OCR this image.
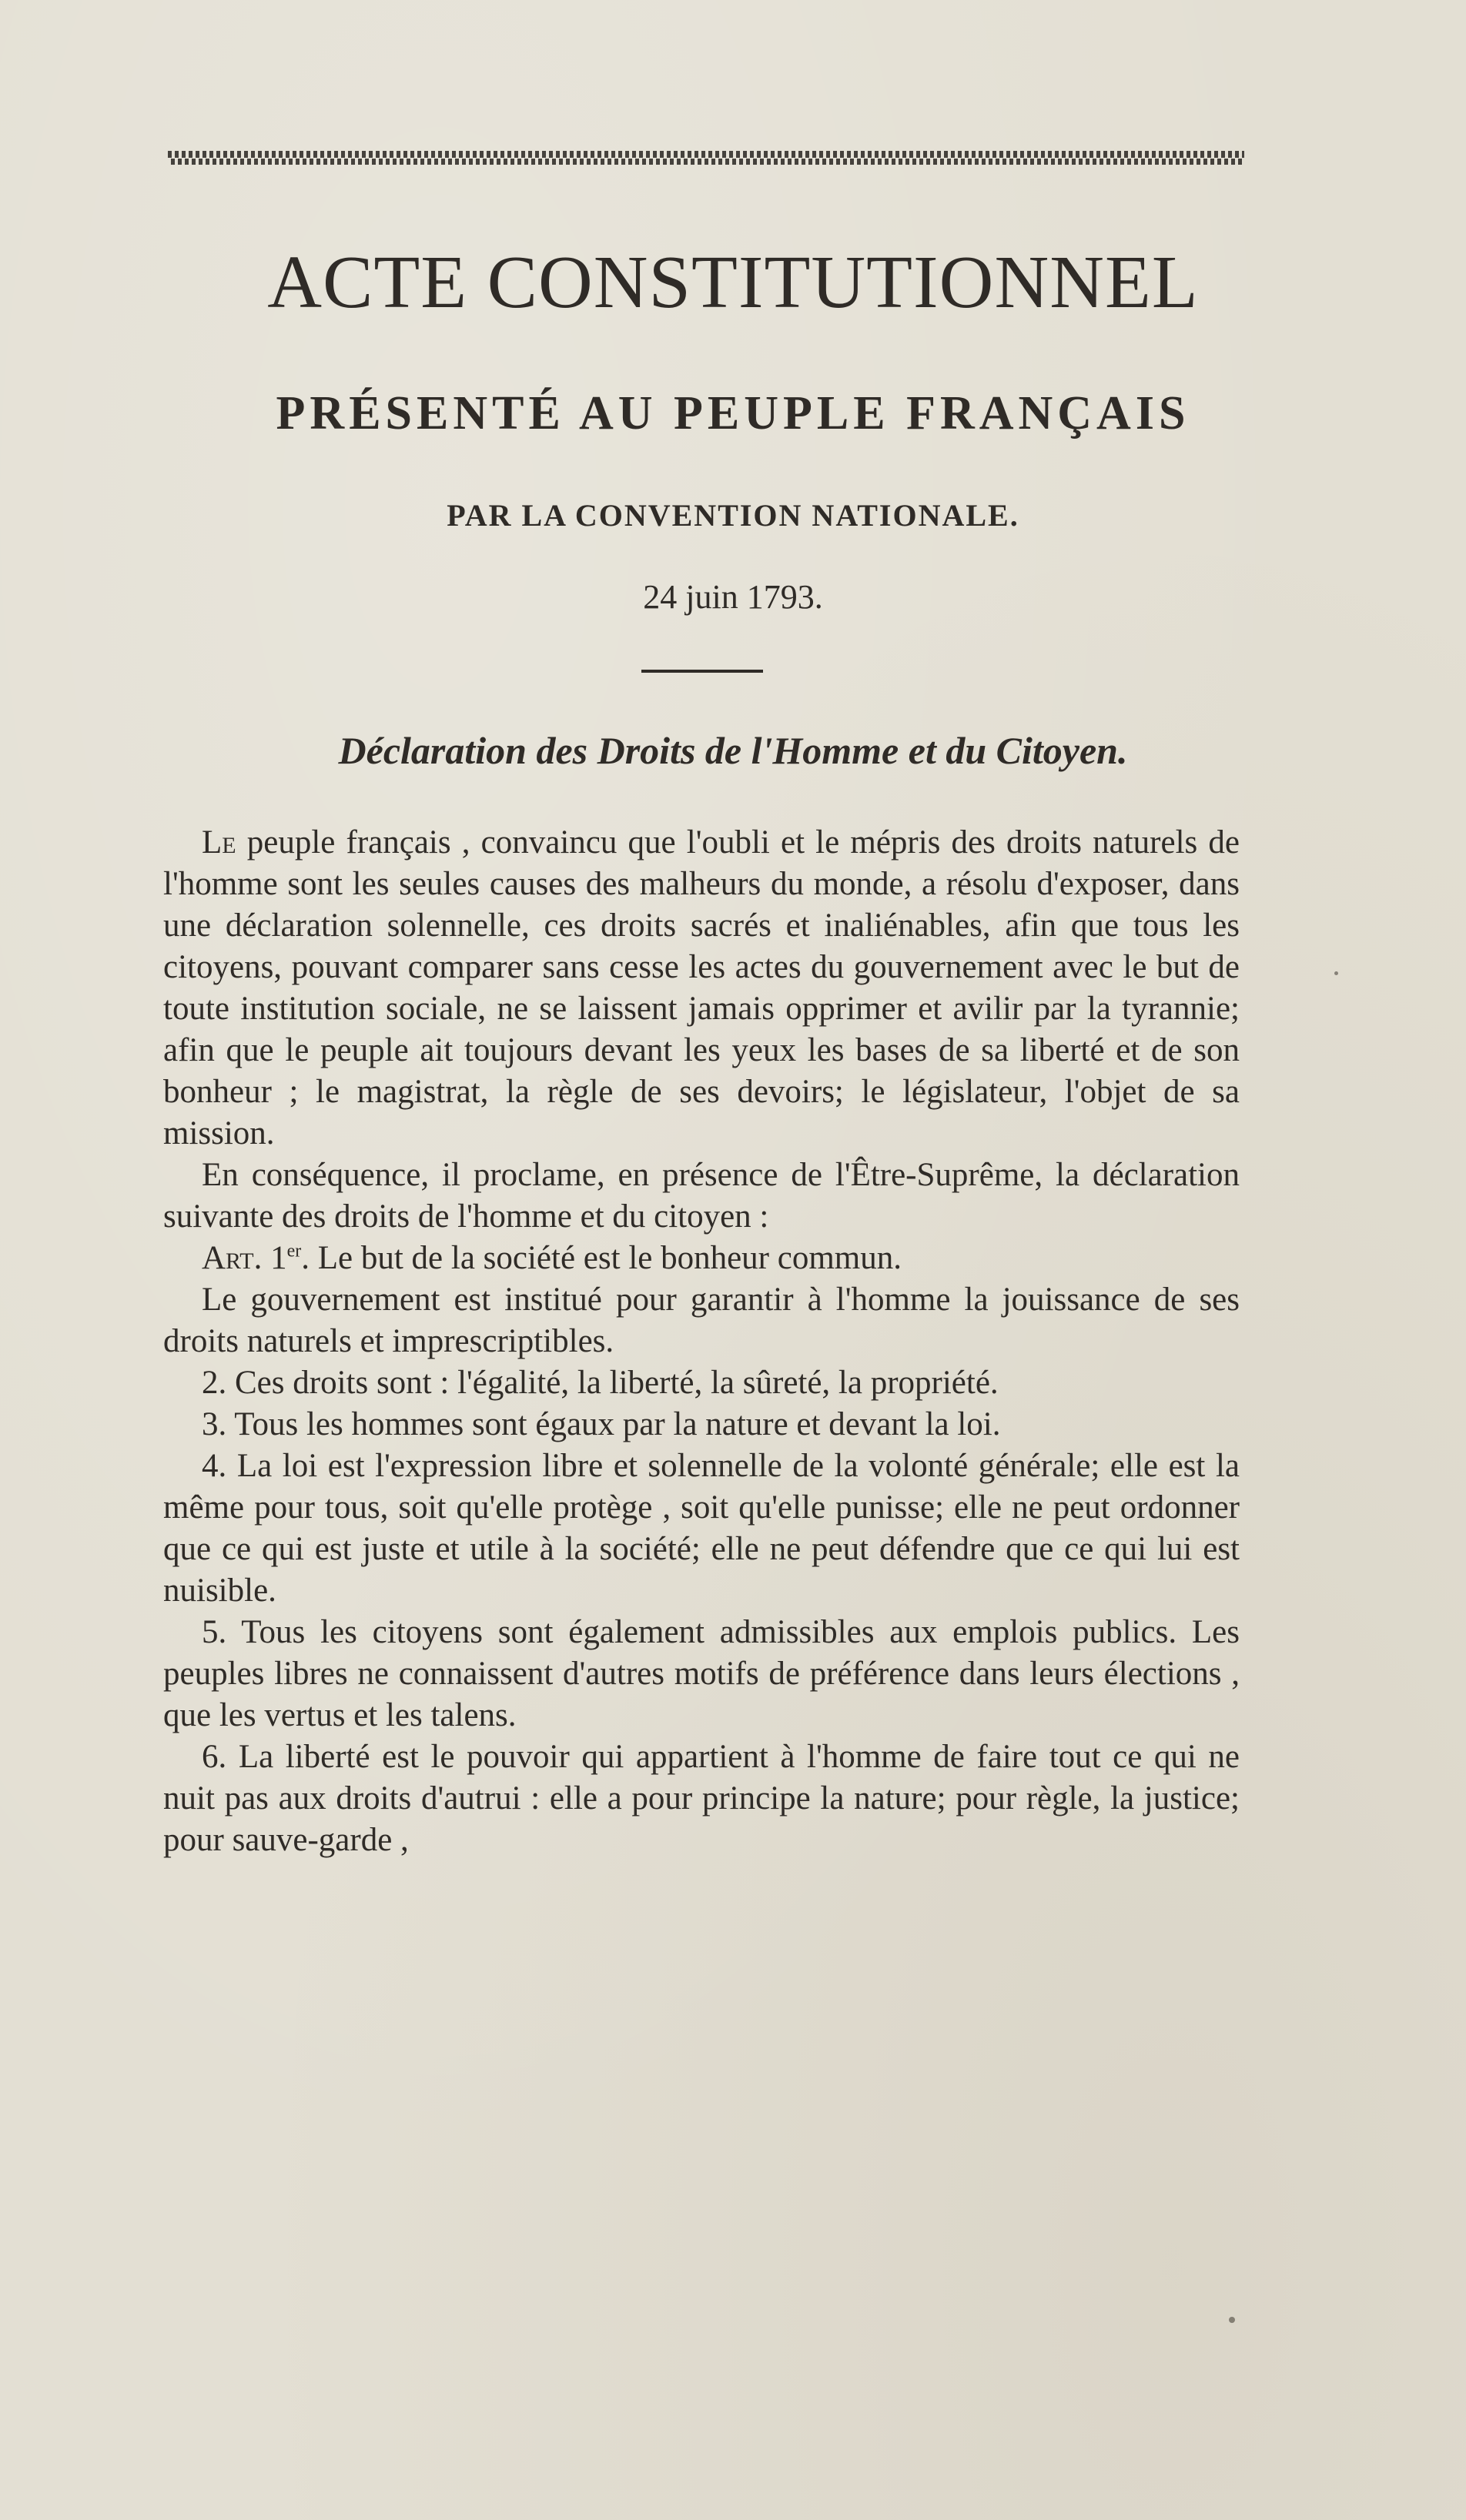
ACTE CONSTITUTIONNEL
PRÉSENTÉ AU PEUPLE FRANÇAIS
PAR LA CONVENTION NATIONALE.
24 juin 1793.
Déclaration des Droits de l'Homme et du Citoyen.

Le peuple français , convaincu que l'oubli et le mépris des droits naturels de l'homme sont les seules causes des malheurs du monde, a résolu d'exposer, dans une déclaration solennelle, ces droits sacrés et inaliénables, afin que tous les citoyens, pouvant comparer sans cesse les actes du gouvernement avec le but de toute institution sociale, ne se laissent jamais opprimer et avilir par la tyrannie; afin que le peuple ait toujours devant les yeux les bases de sa liberté et de son bonheur ; le magistrat, la règle de ses devoirs; le législateur, l'objet de sa mission.

En conséquence, il proclame, en présence de l'Être-Suprême, la déclaration suivante des droits de l'homme et du citoyen :

Art. 1er. Le but de la société est le bonheur commun.

Le gouvernement est institué pour garantir à l'homme la jouissance de ses droits naturels et imprescriptibles.

2. Ces droits sont : l'égalité, la liberté, la sûreté, la propriété.

3. Tous les hommes sont égaux par la nature et devant la loi.

4. La loi est l'expression libre et solennelle de la volonté générale; elle est la même pour tous, soit qu'elle protège , soit qu'elle punisse; elle ne peut ordonner que ce qui est juste et utile à la société; elle ne peut défendre que ce qui lui est nuisible.

5. Tous les citoyens sont également admissibles aux emplois publics. Les peuples libres ne connaissent d'autres motifs de préférence dans leurs élections , que les vertus et les talens.

6. La liberté est le pouvoir qui appartient à l'homme de faire tout ce qui ne nuit pas aux droits d'autrui : elle a pour principe la nature; pour règle, la justice; pour sauve-garde ,
